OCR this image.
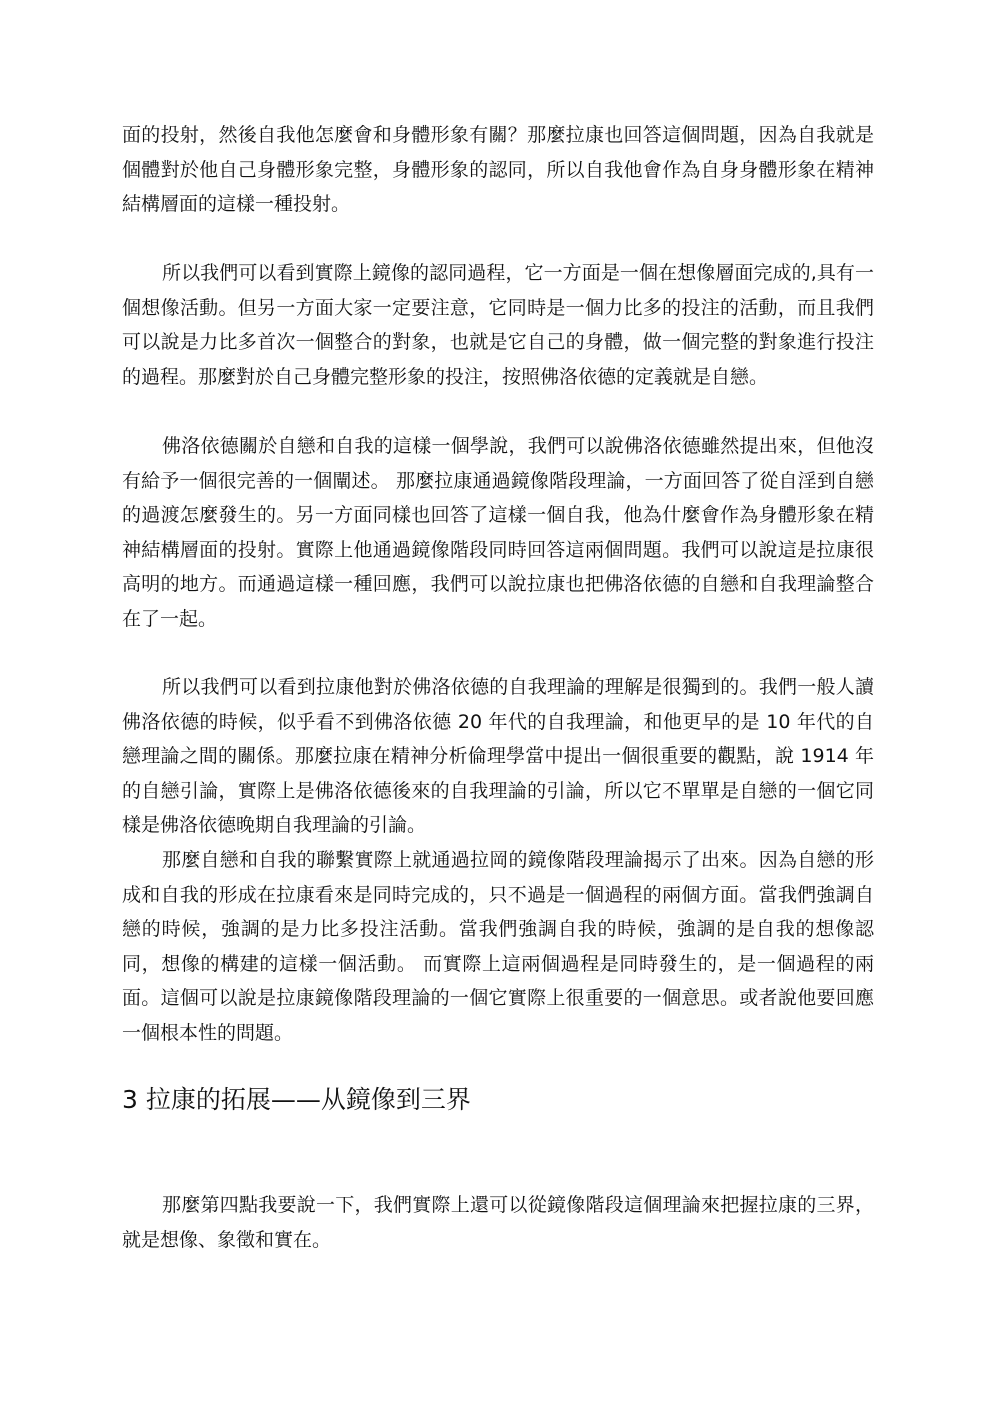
面的投射，然後自我他怎麼會和身體形象有關？那麼拉康也回答這個問題，因為自我就是個體對於他自己身體形象完整，身體形象的認同，所以自我他會作為自身身體形象在精神結構層面的這樣一種投射。

所以我們可以看到實際上鏡像的認同過程，它一方面是一個在想像層面完成的,具有一個想像活動。但另一方面大家一定要注意，它同時是一個力比多的投注的活動，而且我們可以說是力比多首次一個整合的對象，也就是它自己的身體，做一個完整的對象進行投注的過程。那麼對於自己身體完整形象的投注，按照佛洛依德的定義就是自戀。

佛洛依德關於自戀和自我的這樣一個學說，我們可以說佛洛依德雖然提出來，但他沒有給予一個很完善的一個闡述。 那麼拉康通過鏡像階段理論，一方面回答了從自淫到自戀的過渡怎麼發生的。另一方面同樣也回答了這樣一個自我，他為什麼會作為身體形象在精神結構層面的投射。實際上他通過鏡像階段同時回答這兩個問題。我們可以說這是拉康很高明的地方。而通過這樣一種回應，我們可以說拉康也把佛洛依德的自戀和自我理論整合在了一起。

所以我們可以看到拉康他對於佛洛依德的自我理論的理解是很獨到的。我們一般人讀佛洛依德的時候，似乎看不到佛洛依德 20 年代的自我理論，和他更早的是 10 年代的自戀理論之間的關係。那麼拉康在精神分析倫理學當中提出一個很重要的觀點，說 1914 年的自戀引論，實際上是佛洛依德後來的自我理論的引論，所以它不單單是自戀的一個它同樣是佛洛依德晚期自我理論的引論。

那麼自戀和自我的聯繫實際上就通過拉岡的鏡像階段理論揭示了出來。因為自戀的形成和自我的形成在拉康看來是同時完成的，只不過是一個過程的兩個方面。當我們強調自戀的時候，強調的是力比多投注活動。當我們強調自我的時候，強調的是自我的想像認同，想像的構建的這樣一個活動。 而實際上這兩個過程是同時發生的，是一個過程的兩面。這個可以說是拉康鏡像階段理論的一個它實際上很重要的一個意思。或者說他要回應一個根本性的問題。

3 拉康的拓展——从鏡像到三界

那麼第四點我要說一下，我們實際上還可以從鏡像階段這個理論來把握拉康的三界，就是想像、象徵和實在。
